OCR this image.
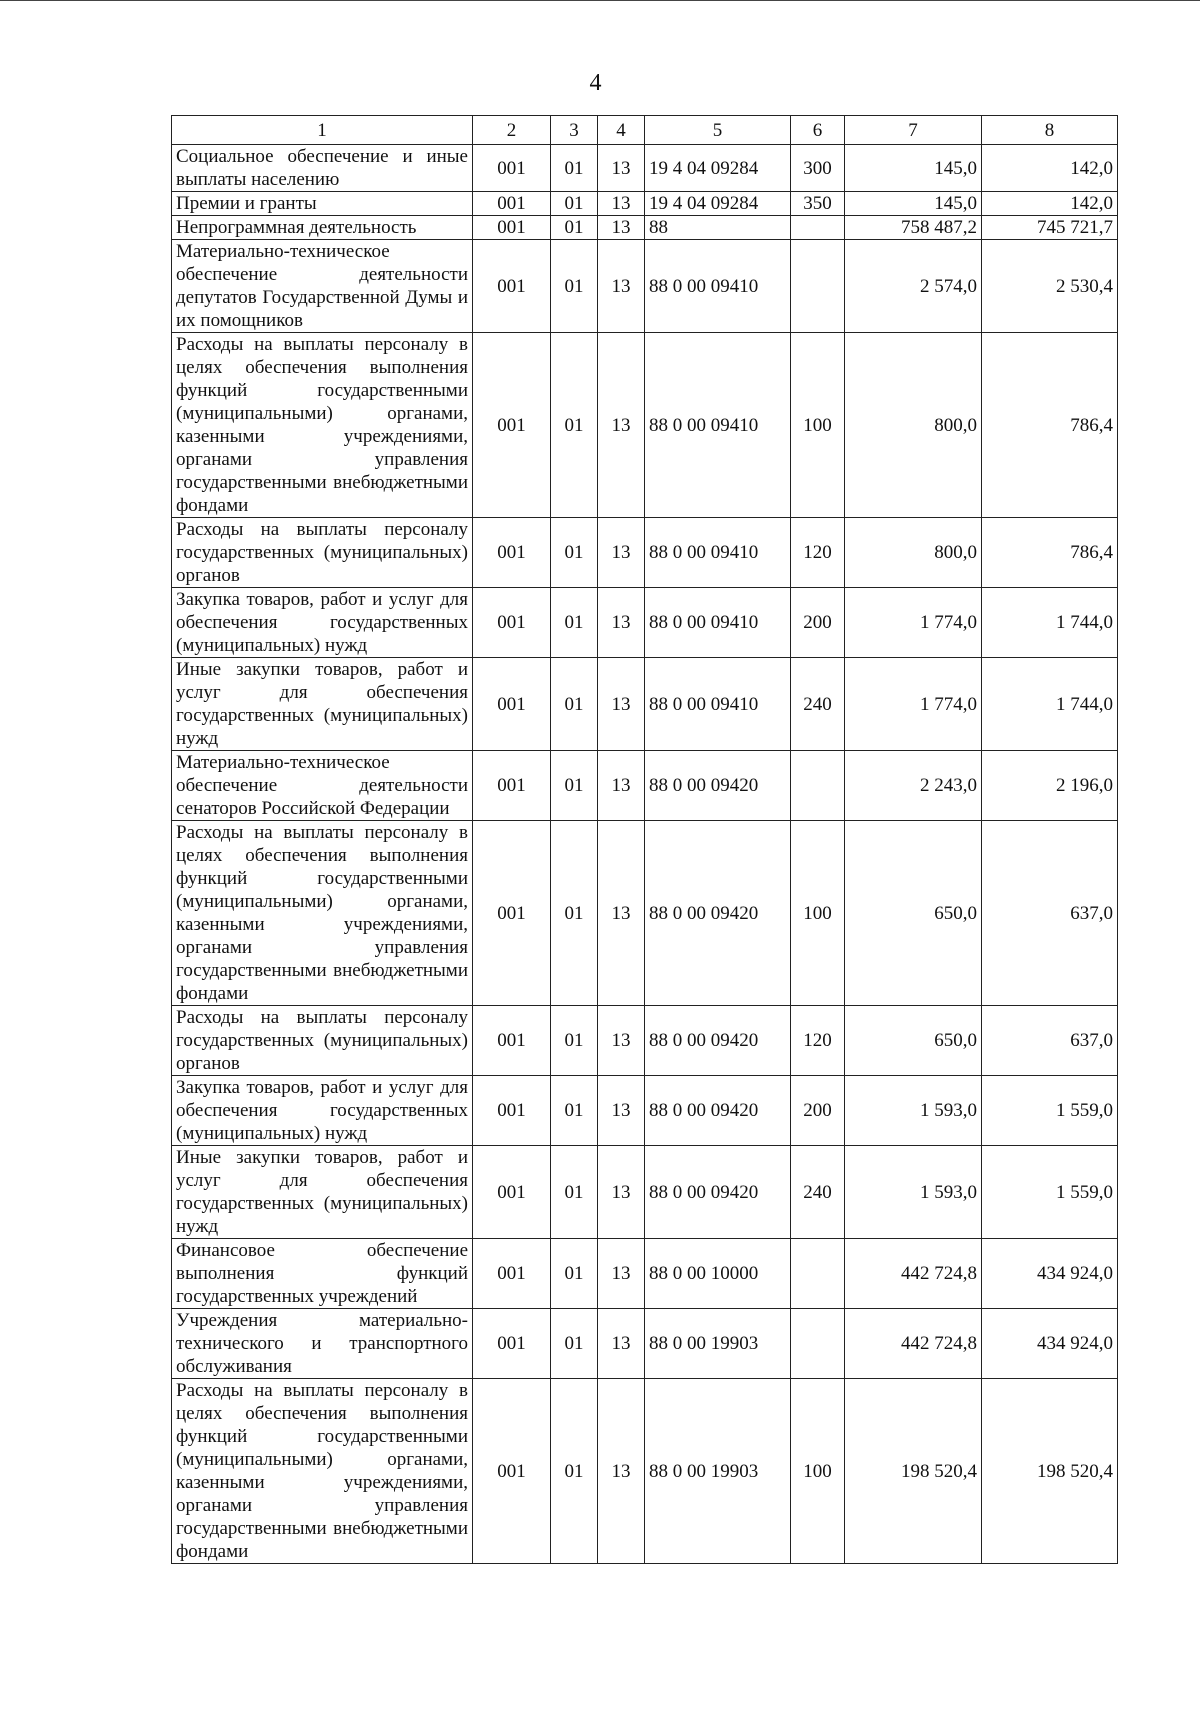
4
1	2	3	4	5	6	7	8
Социальное обеспечение и иные выплаты населению	001	01	13	19 4 04 09284	300	145,0	142,0
Премии и гранты	001	01	13	19 4 04 09284	350	145,0	142,0
Непрограммная деятельность	001	01	13	88		758 487,2	745 721,7
Материально-техническое обеспечение деятельности депутатов Государственной Думы и их помощников	001	01	13	88 0 00 09410		2 574,0	2 530,4
Расходы на выплаты персоналу в целях обеспечения выполнения функций государственными (муниципальными) органами, казенными учреждениями, органами управления государственными внебюджетными фондами	001	01	13	88 0 00 09410	100	800,0	786,4
Расходы на выплаты персоналу государственных (муниципальных) органов	001	01	13	88 0 00 09410	120	800,0	786,4
Закупка товаров, работ и услуг для обеспечения государственных (муниципальных) нужд	001	01	13	88 0 00 09410	200	1 774,0	1 744,0
Иные закупки товаров, работ и услуг для обеспечения государственных (муниципальных) нужд	001	01	13	88 0 00 09410	240	1 774,0	1 744,0
Материально-техническое обеспечение деятельности сенаторов Российской Федерации	001	01	13	88 0 00 09420		2 243,0	2 196,0
Расходы на выплаты персоналу в целях обеспечения выполнения функций государственными (муниципальными) органами, казенными учреждениями, органами управления государственными внебюджетными фондами	001	01	13	88 0 00 09420	100	650,0	637,0
Расходы на выплаты персоналу государственных (муниципальных) органов	001	01	13	88 0 00 09420	120	650,0	637,0
Закупка товаров, работ и услуг для обеспечения государственных (муниципальных) нужд	001	01	13	88 0 00 09420	200	1 593,0	1 559,0
Иные закупки товаров, работ и услуг для обеспечения государственных (муниципальных) нужд	001	01	13	88 0 00 09420	240	1 593,0	1 559,0
Финансовое обеспечение выполнения функций государственных учреждений	001	01	13	88 0 00 10000		442 724,8	434 924,0
Учреждения материально-технического и транспортного обслуживания	001	01	13	88 0 00 19903		442 724,8	434 924,0
Расходы на выплаты персоналу в целях обеспечения выполнения функций государственными (муниципальными) органами, казенными учреждениями, органами управления государственными внебюджетными фондами	001	01	13	88 0 00 19903	100	198 520,4	198 520,4
